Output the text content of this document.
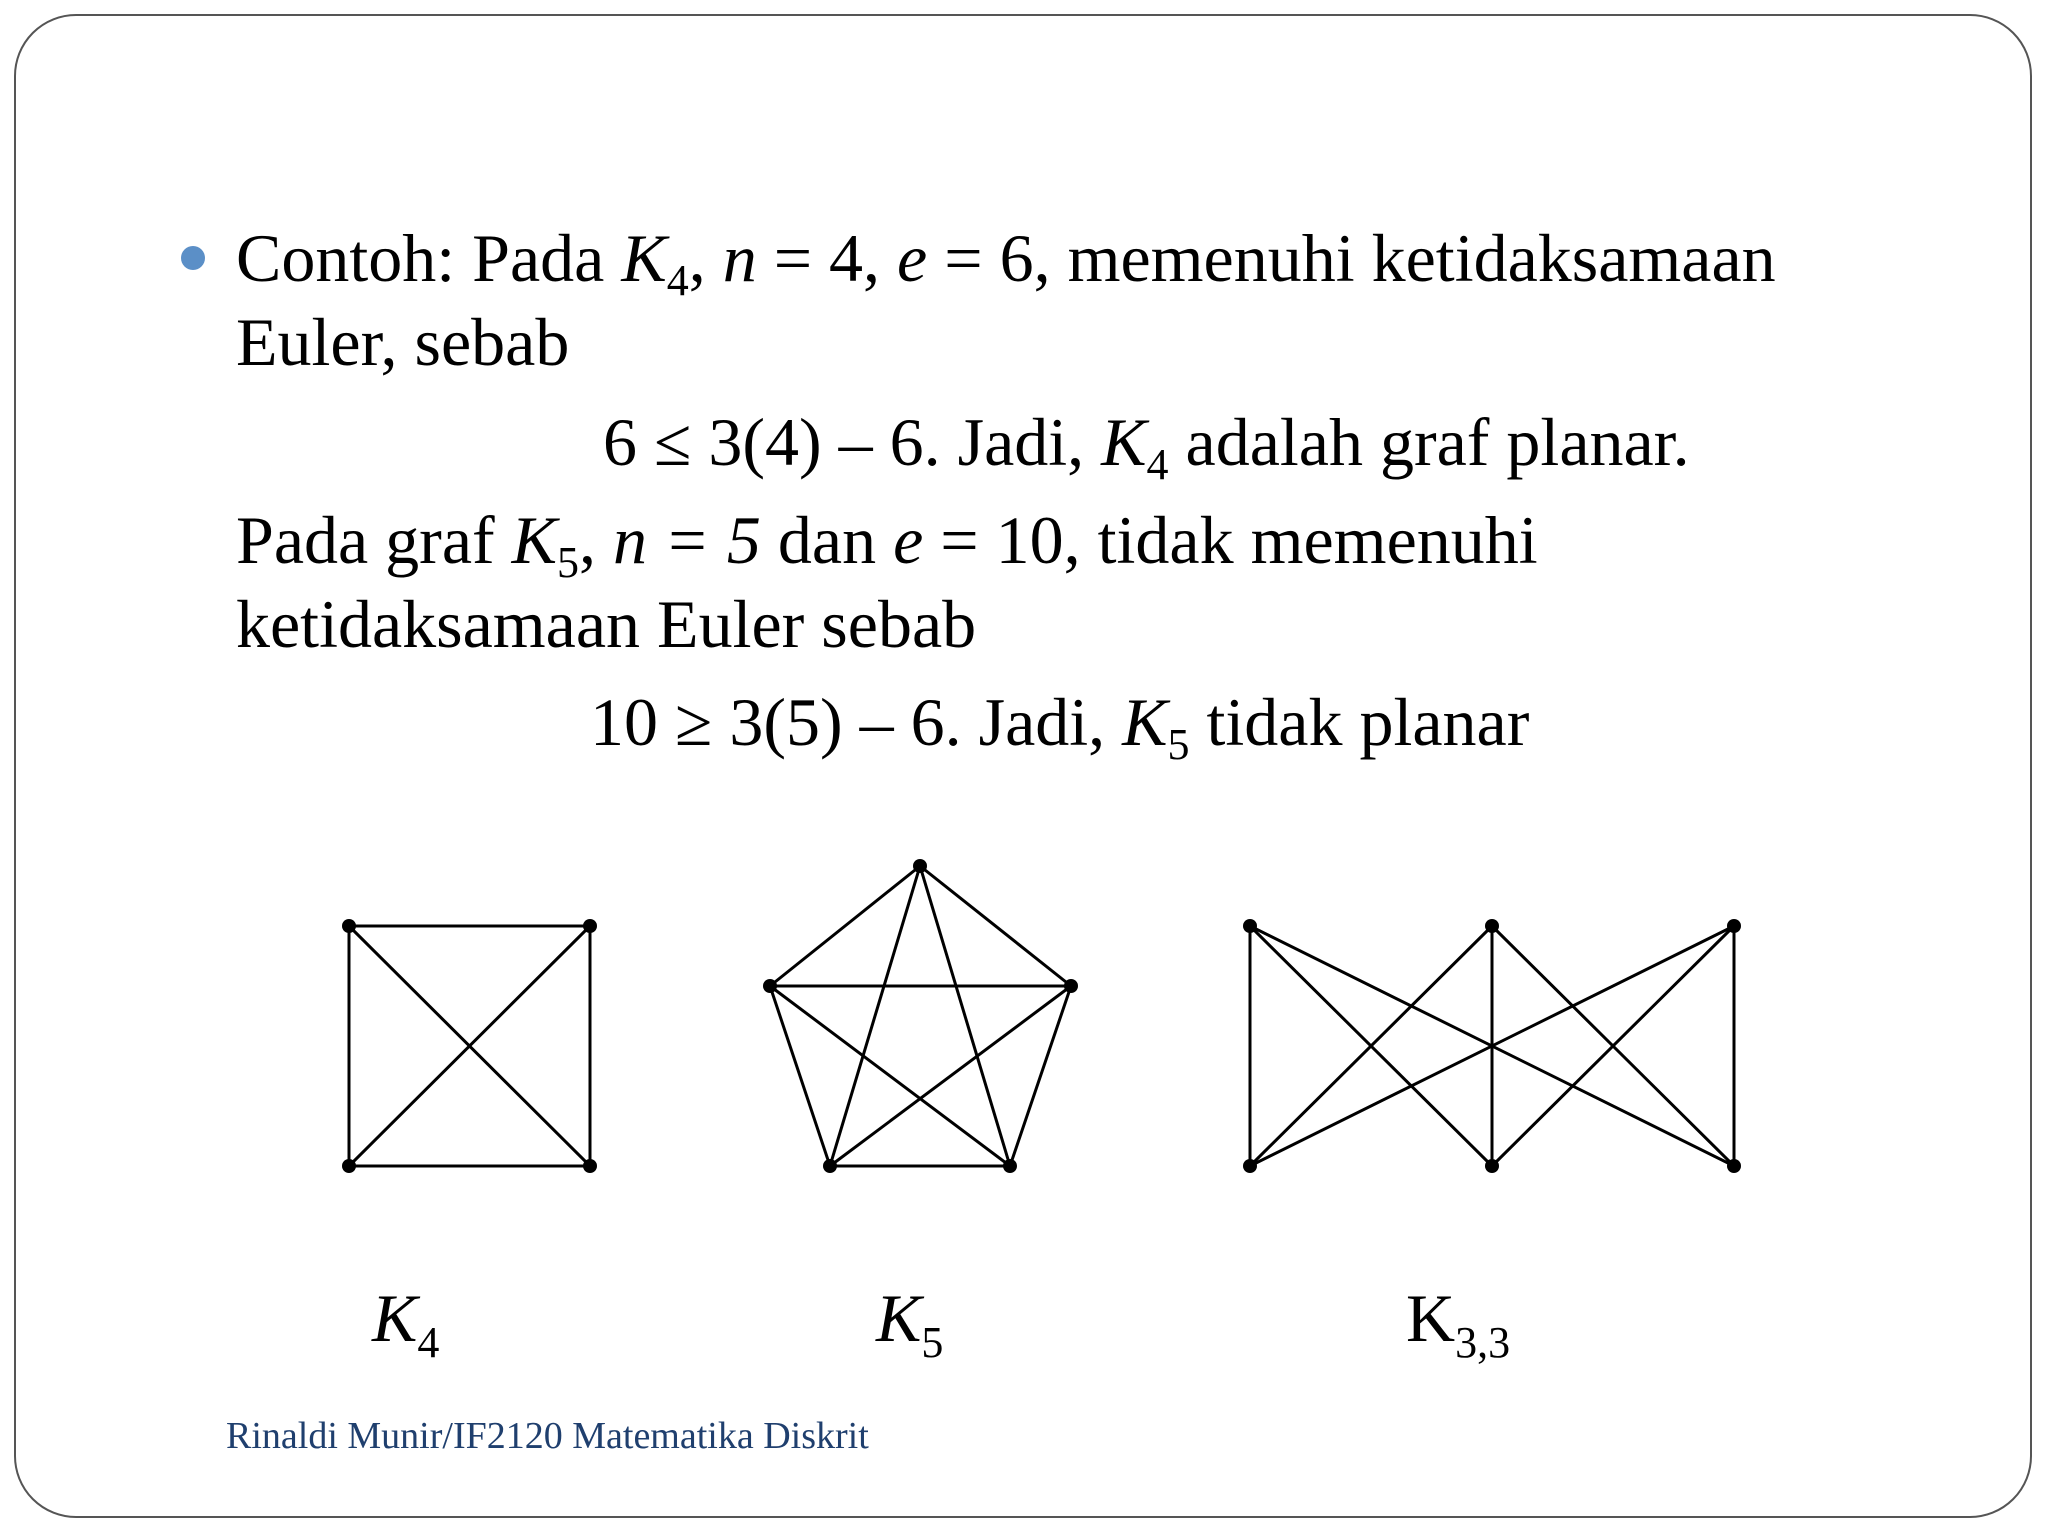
Contoh: Pada $K_4$, n = 4, e = 6, memenuhi ketidaksamaan
Euler, sebab
6 ≤ 3(4) – 6. Jadi, $K_4$ adalah graf planar.
Pada graf $K_5$, n = 5 dan e = 10, tidak memenuhi
ketidaksamaan Euler sebab
10 ≥ 3(5) – 6. Jadi, $K_5$ tidak planar
$K_4$	$K_5$	$K_{3,3}$
Rinaldi Munir/IF2120 Matematika Diskrit
